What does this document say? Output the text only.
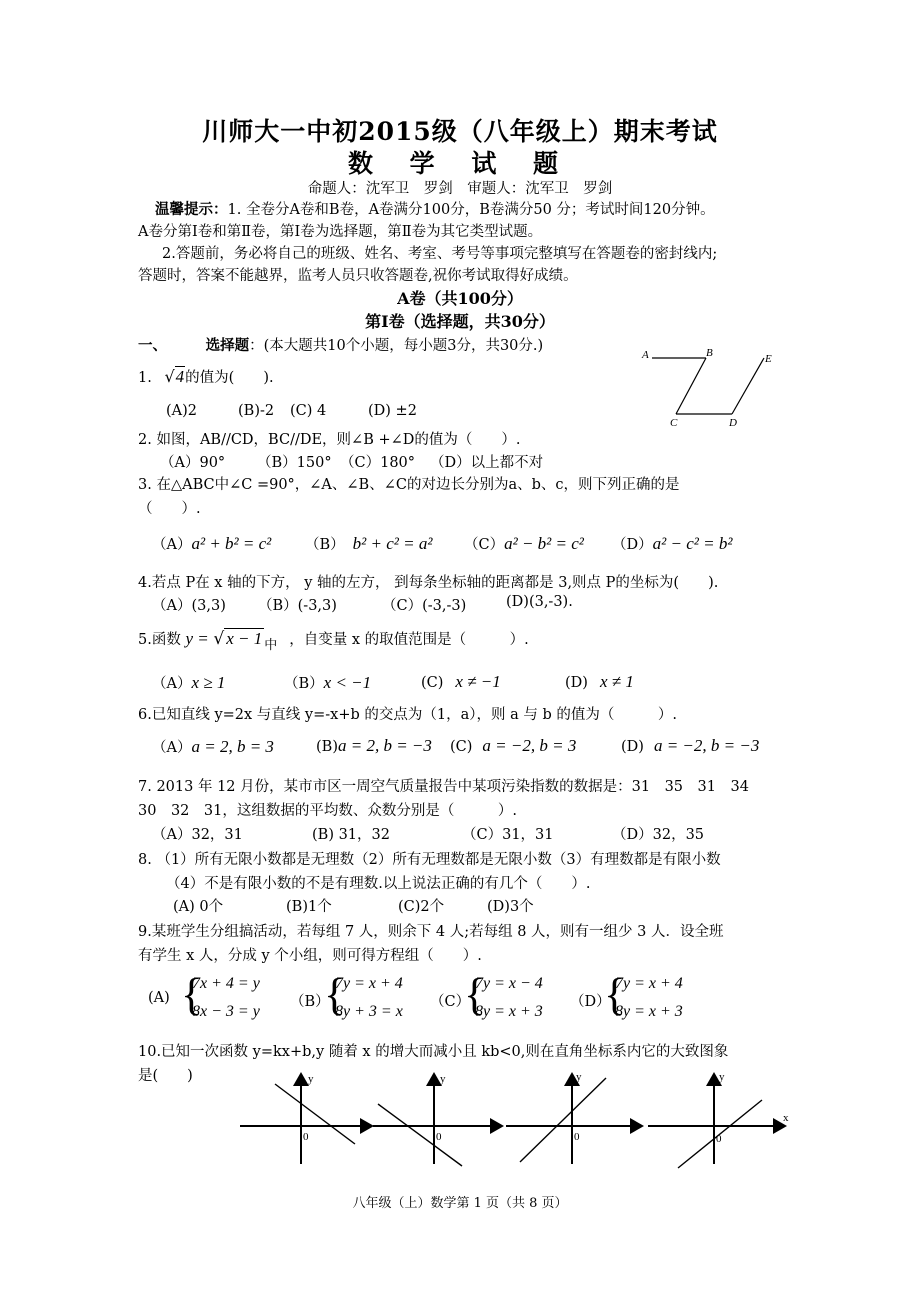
川师大一中初2015级（八年级上）期末考试
数 学 试 题
命题人：沈军卫　罗剑　审题人：沈军卫　罗剑
温馨提示：1. 全卷分A卷和B卷，A卷满分100分，B卷满分50 分；考试时间120分钟。
A卷分第Ⅰ卷和第Ⅱ卷，第Ⅰ卷为选择题，第Ⅱ卷为其它类型试题。
2.答题前，务必将自己的班级、姓名、考室、考号等事项完整填写在答题卷的密封线内;
答题时，答案不能越界，监考人员只收答题卷,祝你考试取得好成绩。
A卷（共100分）
第Ⅰ卷（选择题，共30分）
一、	选择题：(本大题共10个小题，每小题3分，共30分.)
A	B	E
C	D
1. √4的值为(　　).
(A)2	(B)-2 (C) 4	(D) ±2
2. 如图，AB//CD，BC//DE，则∠B +∠D的值为（　　）.
（A）90° （B）150° （C）180° （D）以上都不对
3. 在△ABC中∠C =90°，∠A、∠B、∠C的对边长分别为a、b、c，则下列正确的是
（　　）.
（A）a² + b² = c² （B） b² + c² = a² （C）a² − b² = c² （D）a² − c² = b²
4.若点 P在 x 轴的下方， y 轴的左方， 到每条坐标轴的距离都是 3,则点 P的坐标为(　　).
（A）(3,3) （B）(-3,3)	（C）(-3,-3)	(D)(3,-3).
5.函数 y = √ x − 1 中 ，自变量 x 的取值范围是（　　　）.
（A）x ≥ 1	（B）x < −1	(C) x ≠ −1	(D) x ≠ 1
6.已知直线 y=2x 与直线 y=-x+b 的交点为（1，a），则 a 与 b 的值为（　　　）.
（A）a = 2, b = 3	(B)a = 2, b = −3 (C) a = −2, b = 3	(D) a = −2, b = −3
7. 2013 年 12 月份，某市市区一周空气质量报告中某项污染指数的数据是：31　35　31　34
30　32　31，这组数据的平均数、众数分别是（　　　）.
（A）32，31	(B) 31，32	（C）31，31	（D）32，35
8. （1）所有无限小数都是无理数（2）所有无理数都是无限小数（3）有理数都是有限小数
（4）不是有限小数的不是有理数.以上说法正确的有几个（　　）.
(A) 0个	(B)1个	(C)2个	(D)3个
9.某班学生分组搞活动，若每组 7 人，则余下 4 人;若每组 8 人，则有一组少 3 人．设全班
有学生 x 人，分成 y 个小组，则可得方程组（　　）.
(A) {
7x + 4 = y
8x − 3 = y
（B）
{
7y = x + 4
8y + 3 = x
（C）
{
7y = x − 4
8y = x + 3
（D）
{
7y = x + 4
8y = x + 3
10.已知一次函数 y=kx+b,y 随着 x 的增大而减小且 kb<0,则在直角坐标系内它的大致图象
是(　　)	y
0
y
0
y
0
y
0
x
八年级（上）数学第 1 页（共 8 页）
